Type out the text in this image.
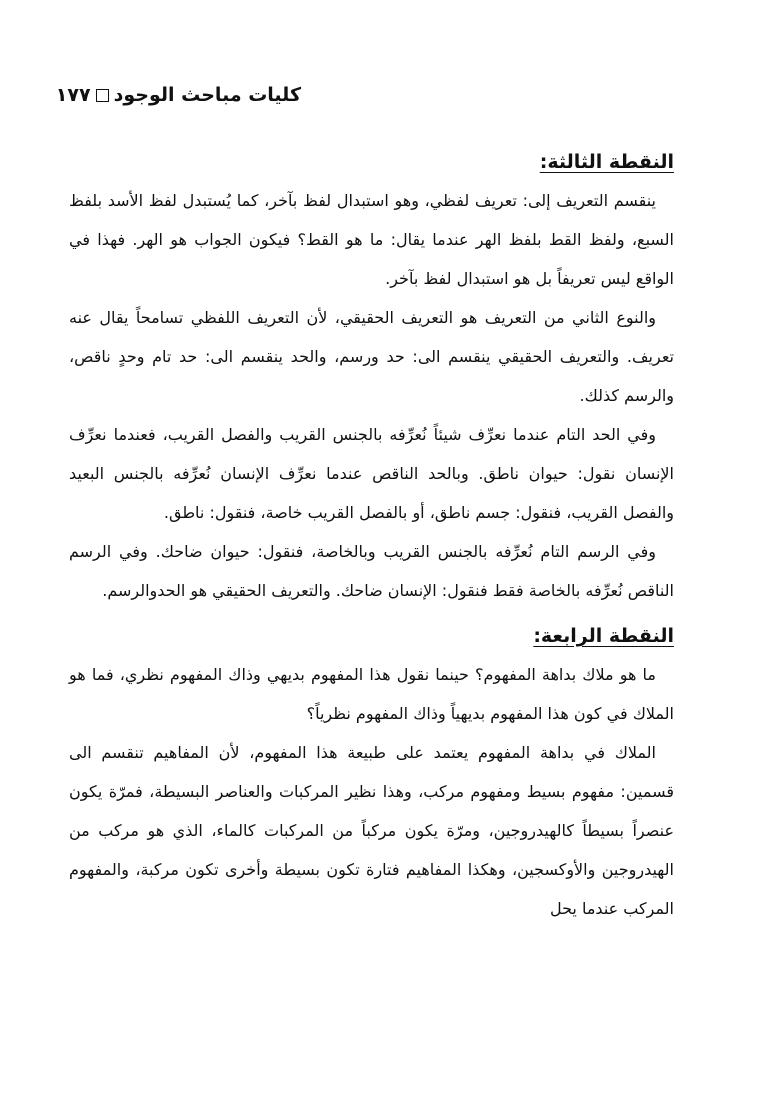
كليات مباحث الوجود١٧٧
النقطة الثالثة:

ينقسم التعريف إلى: تعريف لفظي، وهو استبدال لفظ بآخر، كما يُستبدل لفظ الأسد بلفظ السبع، ولفظ القط بلفظ الهر عندما يقال: ما هو القط؟ فيكون الجواب هو الهر. فهذا في الواقع ليس تعريفاً بل هو استبدال لفظ بآخر.

والنوع الثاني من التعريف هو التعريف الحقيقي، لأن التعريف اللفظي تسامحاً يقال عنه تعريف. والتعريف الحقيقي ينقسم الى: حد ورسم، والحد ينقسم الى: حد تام وحدٍ ناقص، والرسم كذلك.

وفي الحد التام عندما نعرِّف شيئاً نُعرِّفه بالجنس القريب والفصل القريب، فعندما نعرِّف الإنسان نقول: حيوان ناطق. وبالحد الناقص عندما نعرِّف الإنسان نُعرِّفه بالجنس البعيد والفصل القريب، فنقول: جسم ناطق، أو بالفصل القريب خاصة، فنقول: ناطق.

وفي الرسم التام نُعرِّفه بالجنس القريب وبالخاصة، فنقول: حيوان ضاحك. وفي الرسم الناقص نُعرِّفه بالخاصة فقط فنقول: الإنسان ضاحك. والتعريف الحقيقي هو الحدوالرسم.

النقطة الرابعة:

ما هو ملاك بداهة المفهوم؟ حينما نقول هذا المفهوم بديهي وذاك المفهوم نظري، فما هو الملاك في كون هذا المفهوم بديهياً وذاك المفهوم نظرياً؟

الملاك في بداهة المفهوم يعتمد على طبيعة هذا المفهوم، لأن المفاهيم تنقسم الى قسمين: مفهوم بسيط ومفهوم مركب، وهذا نظير المركبات والعناصر البسيطة، فمرّة يكون عنصراً بسيطاً كالهيدروجين، ومرّة يكون مركباً من المركبات كالماء، الذي هو مركب من الهيدروجين والأوكسجين، وهكذا المفاهيم فتارة تكون بسيطة وأخرى تكون مركبة، والمفهوم المركب عندما يحل
